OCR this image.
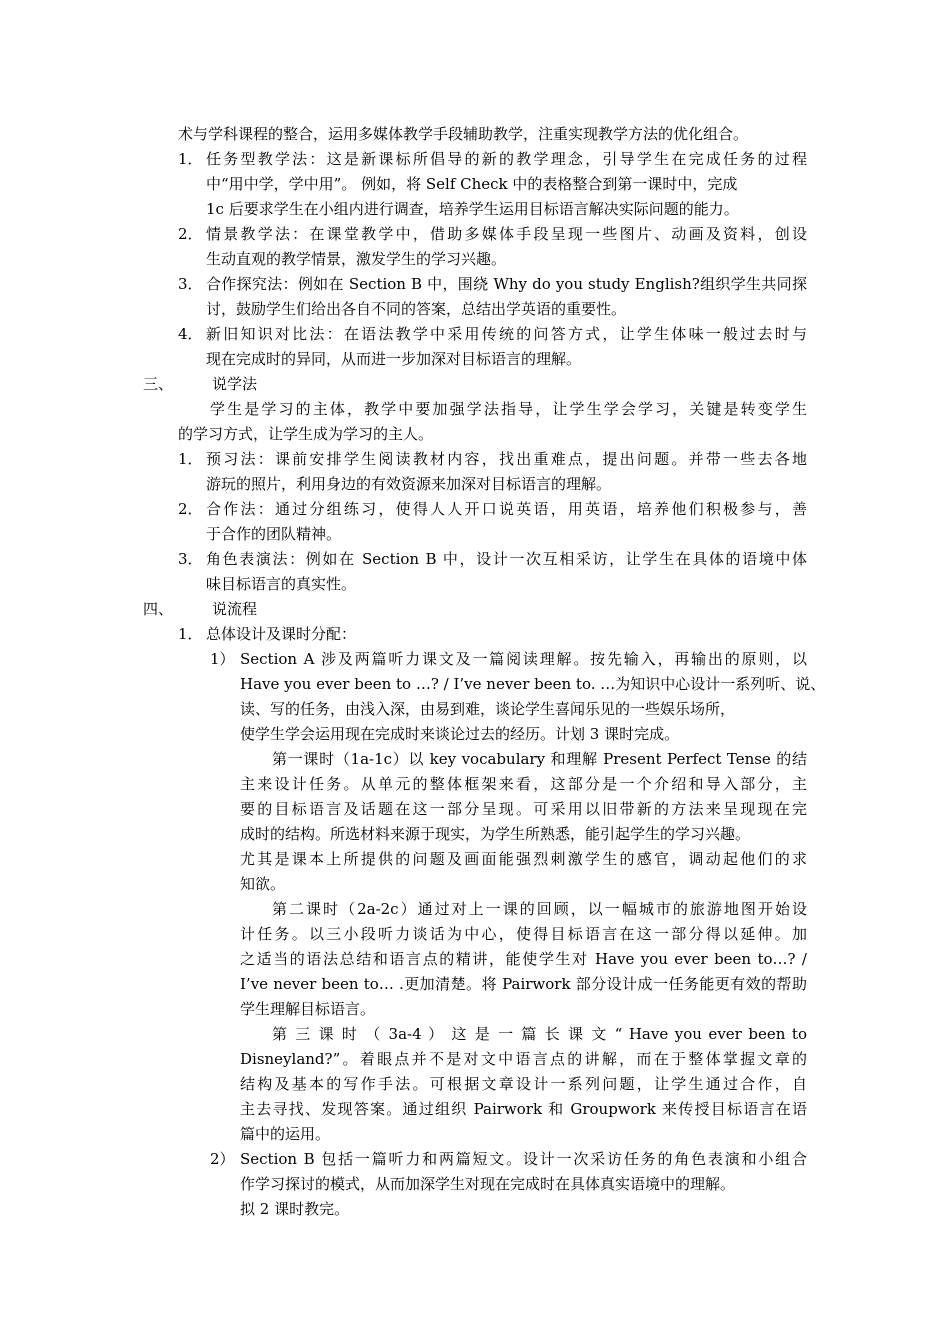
术与学科课程的整合，运用多媒体教学手段辅助教学，注重实现教学方法的优化组合。
1． 任务型教学法：这是新课标所倡导的新的教学理念，引导学生在完成任务的过程
中“用中学，学中用”。 例如，将 Self Check 中的表格整合到第一课时中，完成
1c 后要求学生在小组内进行调查，培养学生运用目标语言解决实际问题的能力。
2． 情景教学法：在课堂教学中，借助多媒体手段呈现一些图片、动画及资料，创设
生动直观的教学情景，激发学生的学习兴趣。
3． 合作探究法：例如在 Section B 中，围绕 Why do you study English?组织学生共同探
讨，鼓励学生们给出各自不同的答案，总结出学英语的重要性。
4． 新旧知识对比法：在语法教学中采用传统的问答方式，让学生体味一般过去时与
现在完成时的异同，从而进一步加深对目标语言的理解。
三、	说学法
学生是学习的主体，教学中要加强学法指导，让学生学会学习，关键是转变学生
的学习方式，让学生成为学习的主人。
1． 预习法：课前安排学生阅读教材内容，找出重难点，提出问题。并带一些去各地
游玩的照片，利用身边的有效资源来加深对目标语言的理解。
2． 合作法：通过分组练习，使得人人开口说英语，用英语，培养他们积极参与，善
于合作的团队精神。
3． 角色表演法：例如在 Section B 中，设计一次互相采访，让学生在具体的语境中体
味目标语言的真实性。
四、	说流程
1． 总体设计及课时分配：
1） Section A 涉及两篇听力课文及一篇阅读理解。按先输入，再输出的原则，以
Have you ever been to …? / I’ve never been to. …为知识中心设计一系列听、说、
读、写的任务，由浅入深，由易到难，谈论学生喜闻乐见的一些娱乐场所，
使学生学会运用现在完成时来谈论过去的经历。计划 3 课时完成。
第一课时（1a-1c）以 key vocabulary 和理解 Present Perfect Tense 的结
主来设计任务。从单元的整体框架来看，这部分是一个介绍和导入部分，主
要的目标语言及话题在这一部分呈现。可采用以旧带新的方法来呈现现在完
成时的结构。所选材料来源于现实，为学生所熟悉，能引起学生的学习兴趣。
尤其是课本上所提供的问题及画面能强烈刺激学生的感官，调动起他们的求
知欲。
第二课时（2a-2c）通过对上一课的回顾，以一幅城市的旅游地图开始设
计任务。以三小段听力谈话为中心，使得目标语言在这一部分得以延伸。加
之适当的语法总结和语言点的精讲，能使学生对 Have you ever been to…? /
I’ve never been to… .更加清楚。将 Pairwork 部分设计成一任务能更有效的帮助
学生理解目标语言。
第 三 课 时 （ 3a-4 ） 这 是 一 篇 长 课 文 “ Have you ever been to
Disneyland?”。着眼点并不是对文中语言点的讲解，而在于整体掌握文章的
结构及基本的写作手法。可根据文章设计一系列问题，让学生通过合作，自
主去寻找、发现答案。通过组织 Pairwork 和 Groupwork 来传授目标语言在语
篇中的运用。
2） Section B 包括一篇听力和两篇短文。设计一次采访任务的角色表演和小组合
作学习探讨的模式，从而加深学生对现在完成时在具体真实语境中的理解。
拟 2 课时教完。
